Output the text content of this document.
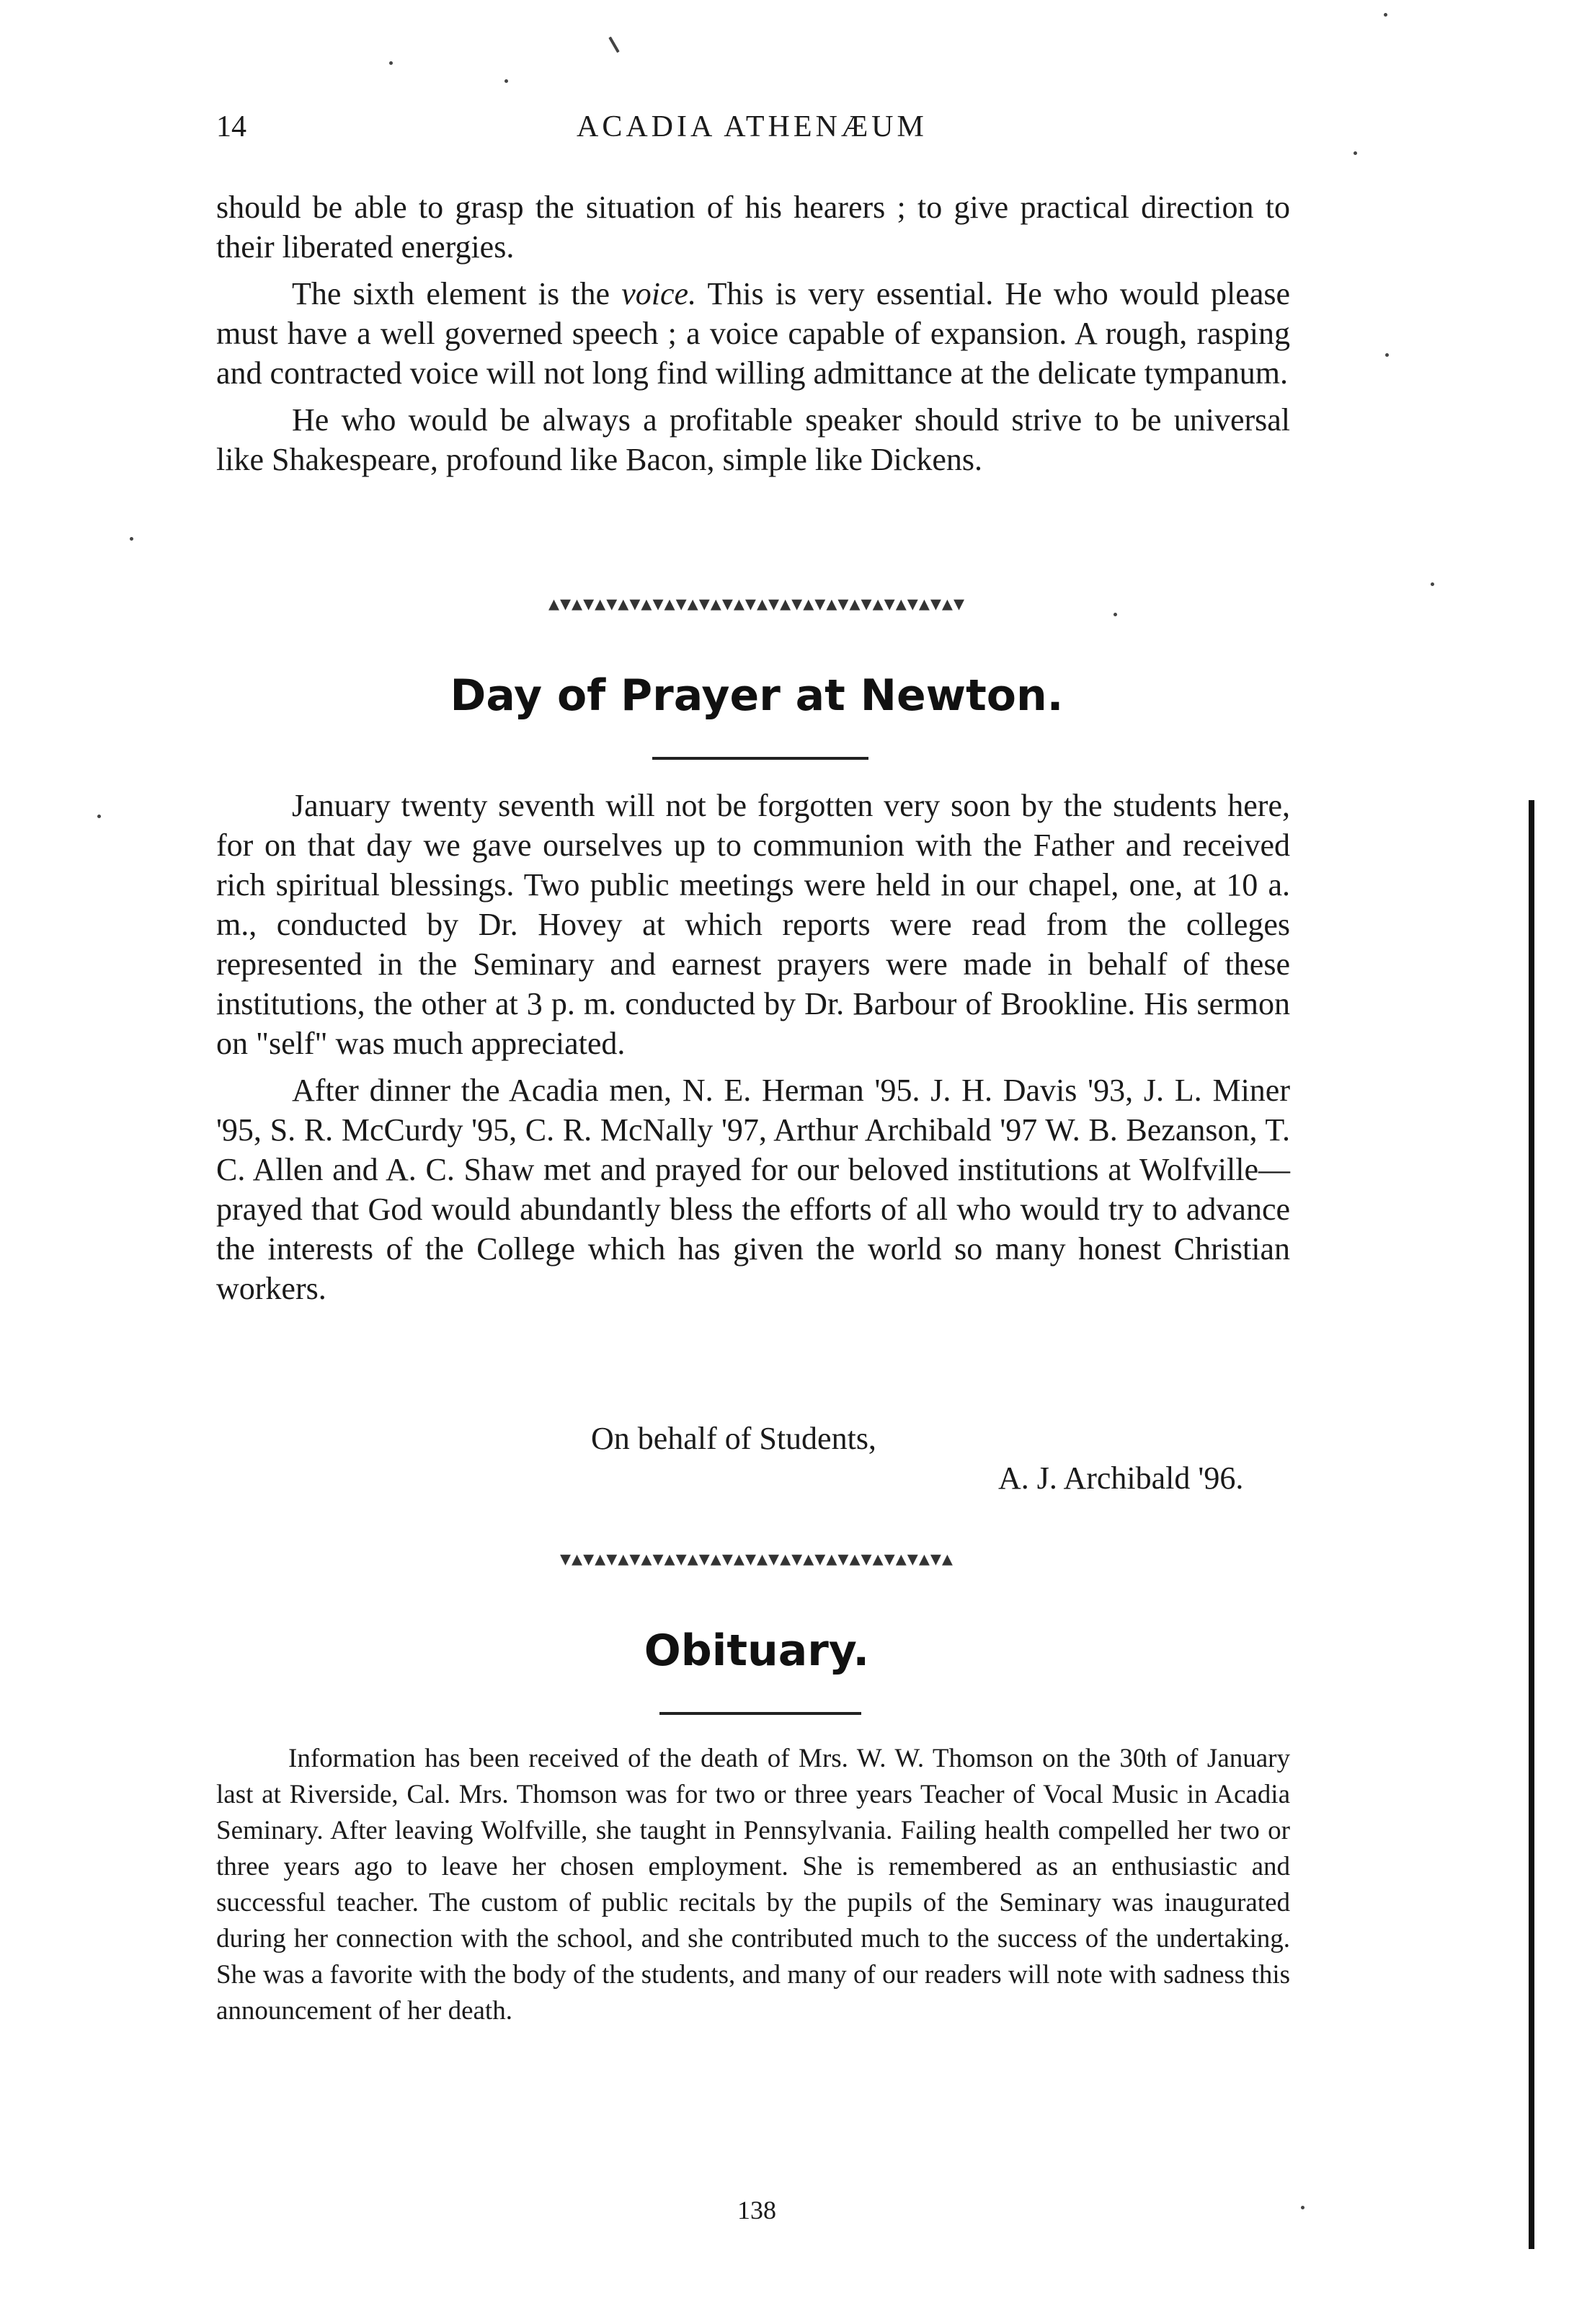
14	ACADIA ATHENÆUM

should be able to grasp the situation of his hearers ; to give practical direction to their liberated energies.

The sixth element is the voice. This is very essential. He who would please must have a well governed speech ; a voice capable of expansion. A rough, rasping and contracted voice will not long find willing admittance at the delicate tympanum.

He who would be always a profitable speaker should strive to be universal like Shakespeare, profound like Bacon, simple like Dickens.

▴▾▴▾▴▾▴▾▴▾▴▾▴▾▴▾▴▾▴▾▴▾▴▾▴▾▴▾▴▾▴▾▴▾▴▾
Day of Prayer at Newton.

January twenty seventh will not be forgotten very soon by the students here, for on that day we gave ourselves up to communion with the Father and received rich spiritual blessings. Two public meetings were held in our chapel, one, at 10 a. m., conducted by Dr. Hovey at which reports were read from the colleges represented in the Seminary and earnest prayers were made in behalf of these institutions, the other at 3 p. m. conducted by Dr. Barbour of Brookline. His sermon on "self" was much appreciated.

After dinner the Acadia men, N. E. Herman '95. J. H. Davis '93, J. L. Miner '95, S. R. McCurdy '95, C. R. McNally '97, Arthur Archibald '97 W. B. Bezanson, T. C. Allen and A. C. Shaw met and prayed for our beloved institutions at Wolfville—prayed that God would abundantly bless the efforts of all who would try to advance the interests of the College which has given the world so many honest Christian workers.

On behalf of Students,
A. J. Archibald '96.
▾▴▾▴▾▴▾▴▾▴▾▴▾▴▾▴▾▴▾▴▾▴▾▴▾▴▾▴▾▴▾▴▾▴
Obituary.

Information has been received of the death of Mrs. W. W. Thomson on the 30th of January last at Riverside, Cal. Mrs. Thomson was for two or three years Teacher of Vocal Music in Acadia Seminary. After leaving Wolfville, she taught in Pennsylvania. Failing health compelled her two or three years ago to leave her chosen employment. She is remembered as an enthusiastic and successful teacher. The custom of public recitals by the pupils of the Seminary was inaugurated during her connection with the school, and she contributed much to the success of the undertaking. She was a favorite with the body of the students, and many of our readers will note with sadness this announcement of her death.

138
